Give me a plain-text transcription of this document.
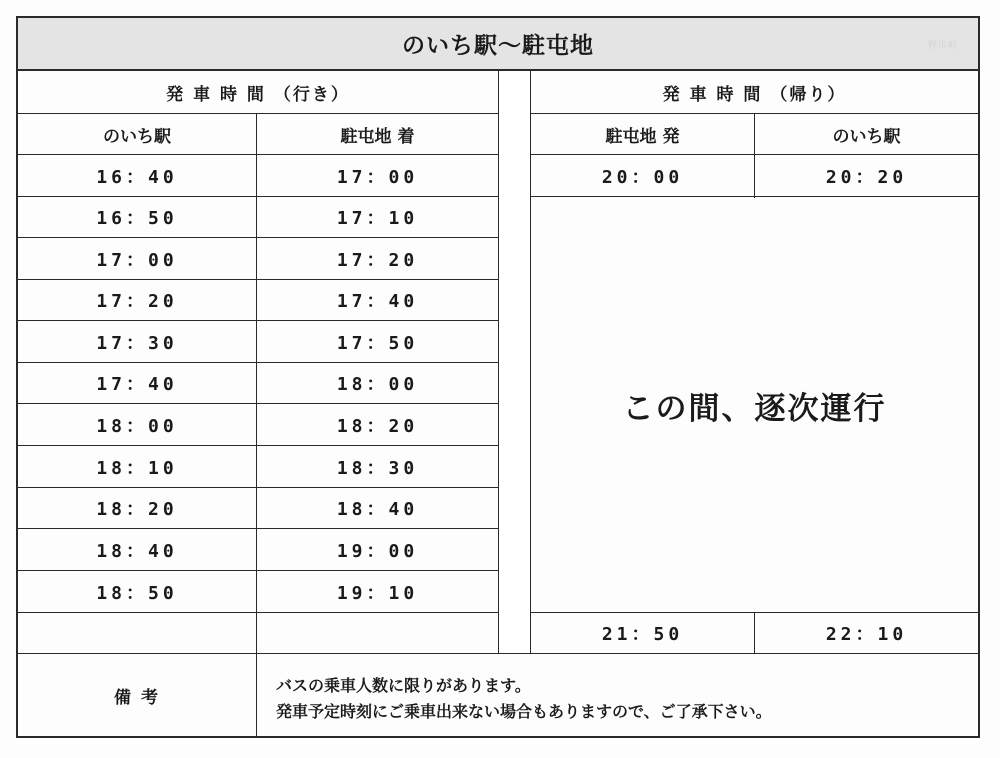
のいち駅～駐屯地	野市町
発 車 時 間 （行き）
のいち駅	駐屯地 着
16：40	17：00
16：50	17：10
17：00	17：20
17：20	17：40
17：30	17：50
17：40	18：00
18：00	18：20
18：10	18：30
18：20	18：40
18：40	19：00
18：50	19：10
発 車 時 間 （帰り）
駐屯地 発	のいち駅
20：00	20：20
この間、逐次運行
21：50	22：10
備 考
バスの乗車人数に限りがあります。
発車予定時刻にご乗車出来ない場合もありますので、ご了承下さい。
